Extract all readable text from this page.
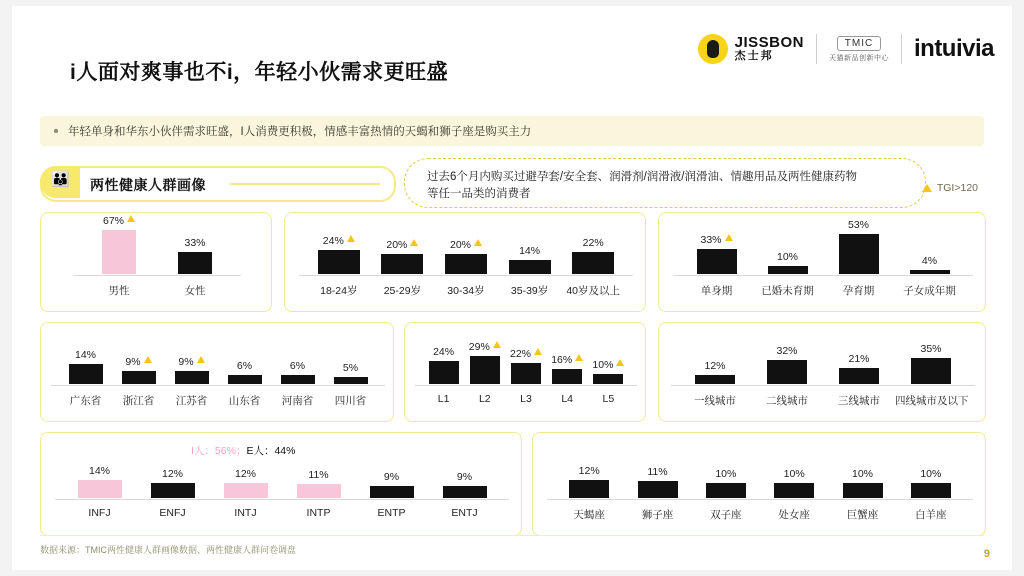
i人面对爽事也不i，年轻小伙需求更旺盛
JISSBON
杰士邦
TMIC
天猫新品创新中心 intuivia
年轻单身和华东小伙伴需求旺盛，I人消费更积极，情感丰富热情的天蝎和狮子座是购买主力
👪 两性健康人群画像	过去6个月内购买过避孕套/安全套、润滑剂/润滑液/润滑油、情趣用品及两性健康药物
等任一品类的消费者	TGI>120
67%
男性
33%
女性
24%
18-24岁
20%
25-29岁
20%
30-34岁
14%
35-39岁
22%
40岁及以上
33%
单身期
10%
已婚未育期
53%
孕育期
4%
子女成年期
14%
广东省
9%
浙江省
9%
江苏省
6%
山东省
6%
河南省
5%
四川省
24%
L1
29%
L2
22%
L3
16%
L4
10%
L5
12%
一线城市
32%
二线城市
21%
三线城市
35%
四线城市及以下
14%
INFJ
12%
ENFJ
12%
INTJ
11%
INTP
9%
ENTP
9%
ENTJ
I人：56%；E人：44%
12%
天蝎座
11%
狮子座
10%
双子座
10%
处女座
10%
巨蟹座
10%
白羊座
数据来源：TMIC两性健康人群画像数据、两性健康人群问卷调盘	9
